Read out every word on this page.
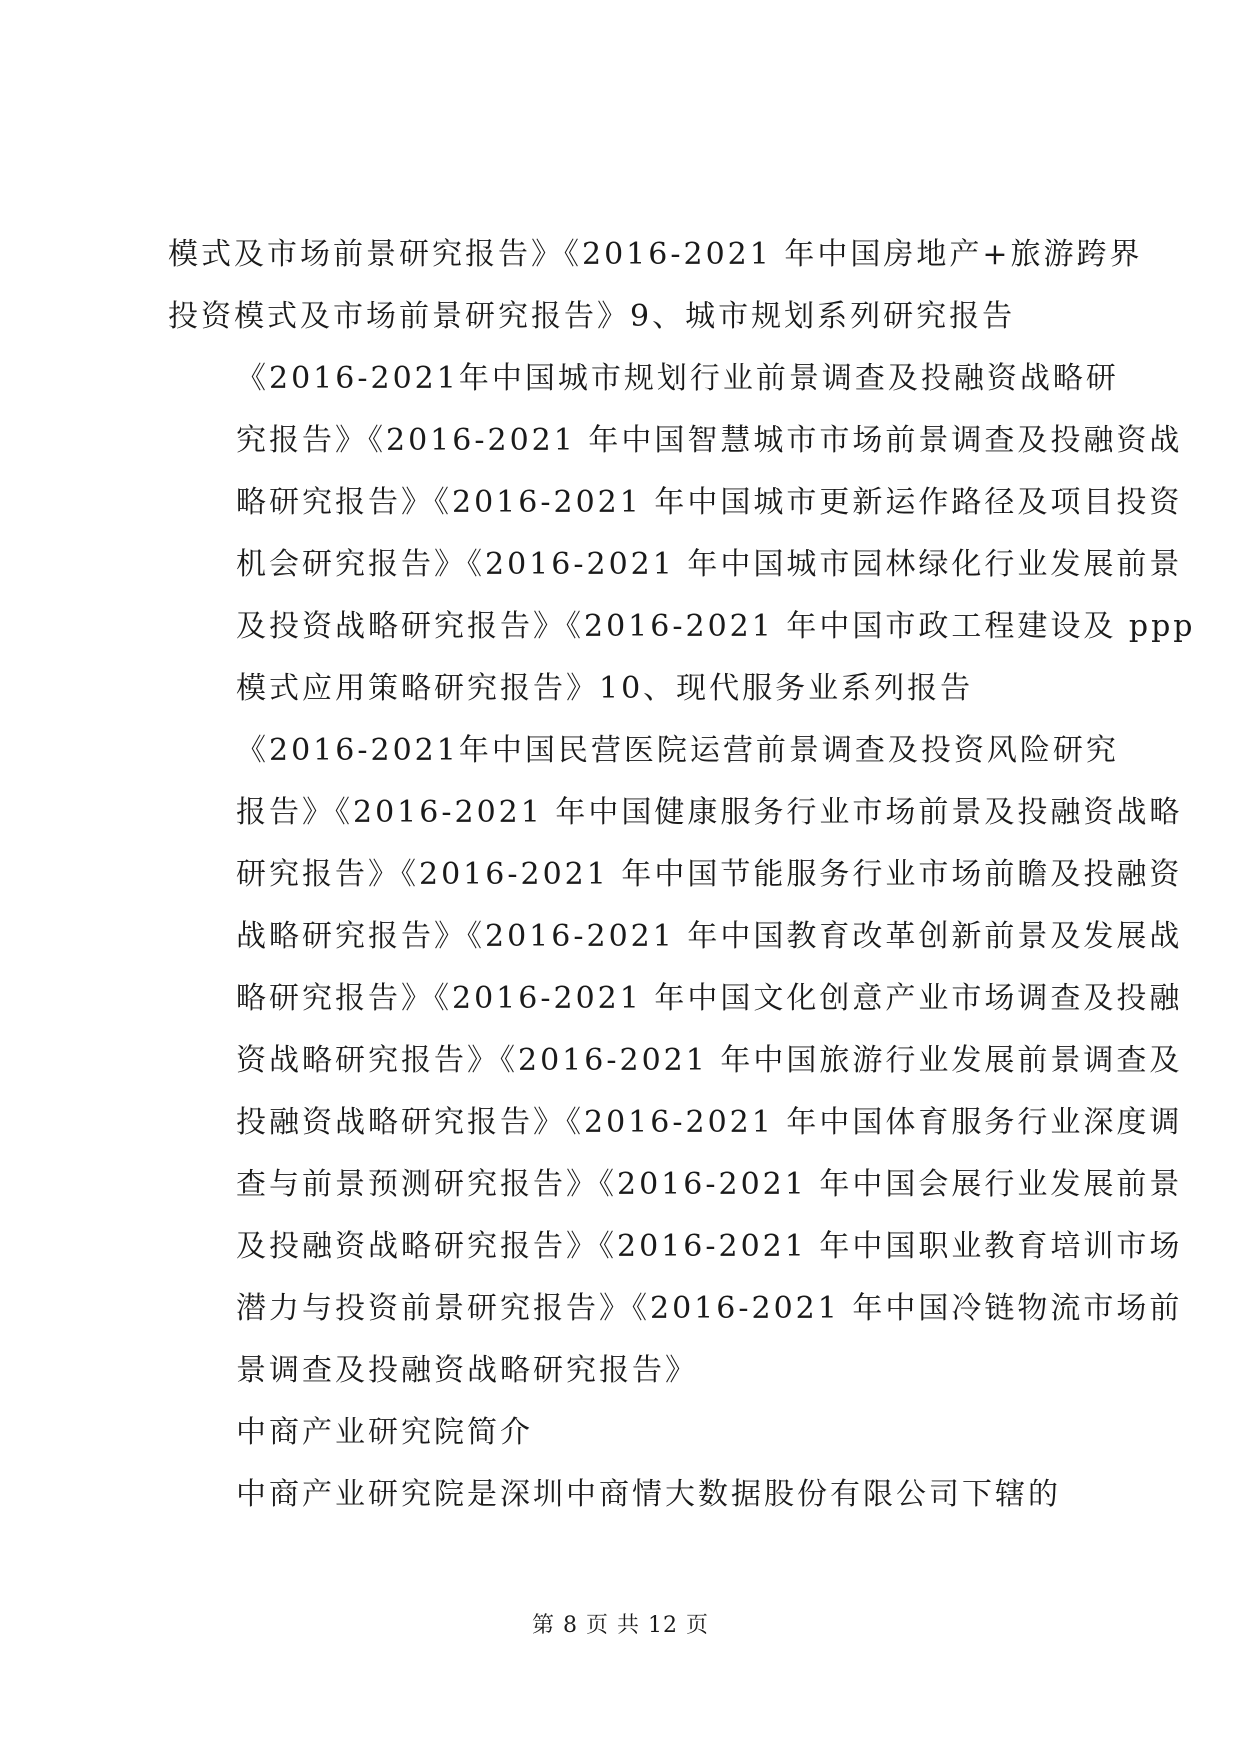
模式及市场前景研究报告》《2016-2021 年中国房地产+旅游跨界
投资模式及市场前景研究报告》9、城市规划系列研究报告

《2016-2021年中国城市规划行业前景调查及投融资战略研
究报告》《2016-2021 年中国智慧城市市场前景调查及投融资战
略研究报告》《2016-2021 年中国城市更新运作路径及项目投资
机会研究报告》《2016-2021 年中国城市园林绿化行业发展前景
及投资战略研究报告》《2016-2021 年中国市政工程建设及 ppp
模式应用策略研究报告》10、现代服务业系列报告

《2016-2021年中国民营医院运营前景调查及投资风险研究
报告》《2016-2021 年中国健康服务行业市场前景及投融资战略
研究报告》《2016-2021 年中国节能服务行业市场前瞻及投融资
战略研究报告》《2016-2021 年中国教育改革创新前景及发展战
略研究报告》《2016-2021 年中国文化创意产业市场调查及投融
资战略研究报告》《2016-2021 年中国旅游行业发展前景调查及
投融资战略研究报告》《2016-2021 年中国体育服务行业深度调
查与前景预测研究报告》《2016-2021 年中国会展行业发展前景
及投融资战略研究报告》《2016-2021 年中国职业教育培训市场
潜力与投资前景研究报告》《2016-2021 年中国冷链物流市场前
景调查及投融资战略研究报告》

中商产业研究院简介

中商产业研究院是深圳中商情大数据股份有限公司下辖的

第 8 页 共 12 页
